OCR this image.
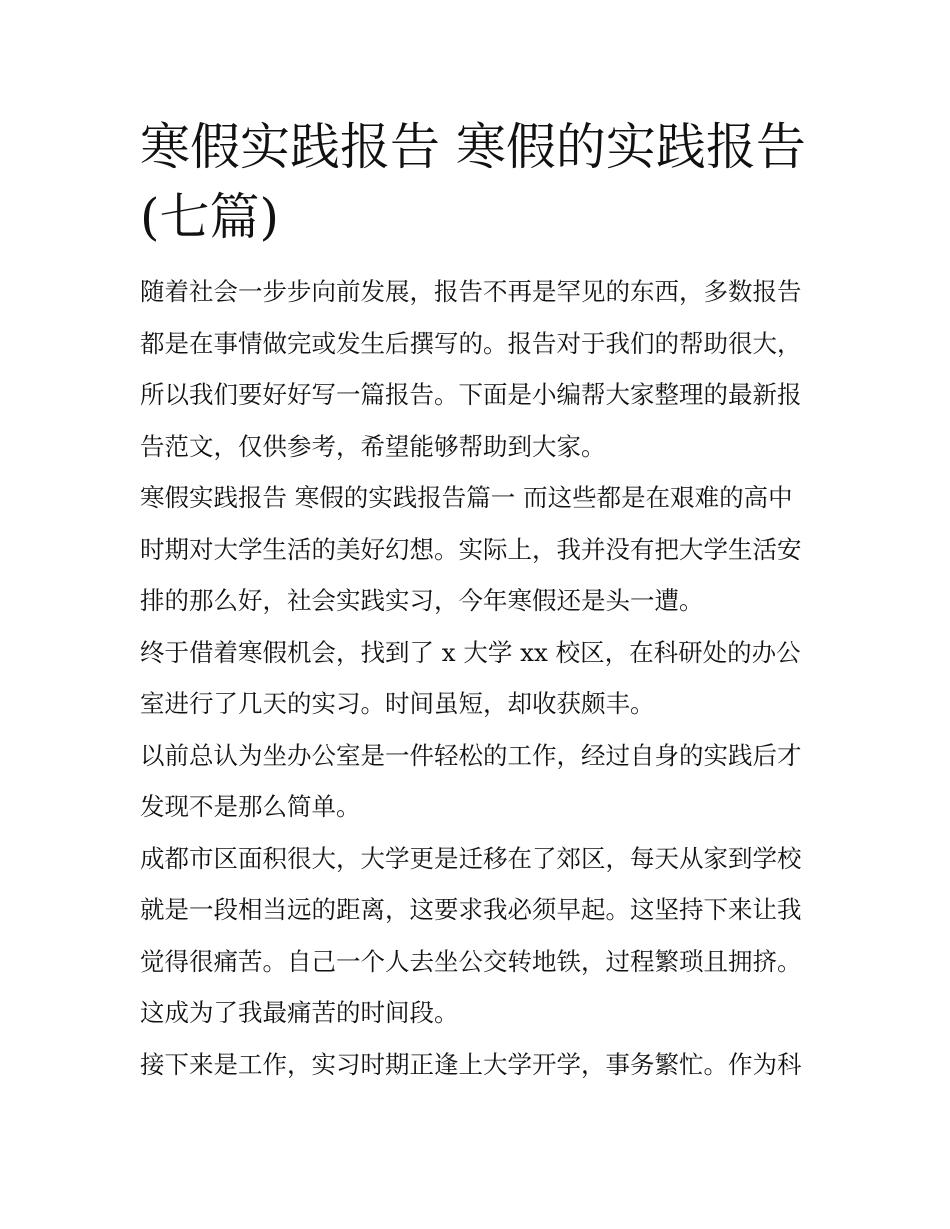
寒假实践报告 寒假的实践报告
(七篇)

随着社会一步步向前发展，报告不再是罕见的东西，多数报告
都是在事情做完或发生后撰写的。报告对于我们的帮助很大，
所以我们要好好写一篇报告。下面是小编帮大家整理的最新报
告范文，仅供参考，希望能够帮助到大家。

寒假实践报告 寒假的实践报告篇一 而这些都是在艰难的高中
时期对大学生活的美好幻想。实际上，我并没有把大学生活安
排的那么好，社会实践实习，今年寒假还是头一遭。

终于借着寒假机会，找到了 x 大学 xx 校区，在科研处的办公
室进行了几天的实习。时间虽短，却收获颇丰。

以前总认为坐办公室是一件轻松的工作，经过自身的实践后才
发现不是那么简单。

成都市区面积很大，大学更是迁移在了郊区，每天从家到学校
就是一段相当远的距离，这要求我必须早起。这坚持下来让我
觉得很痛苦。自己一个人去坐公交转地铁，过程繁琐且拥挤。
这成为了我最痛苦的时间段。

接下来是工作，实习时期正逢上大学开学，事务繁忙。作为科
